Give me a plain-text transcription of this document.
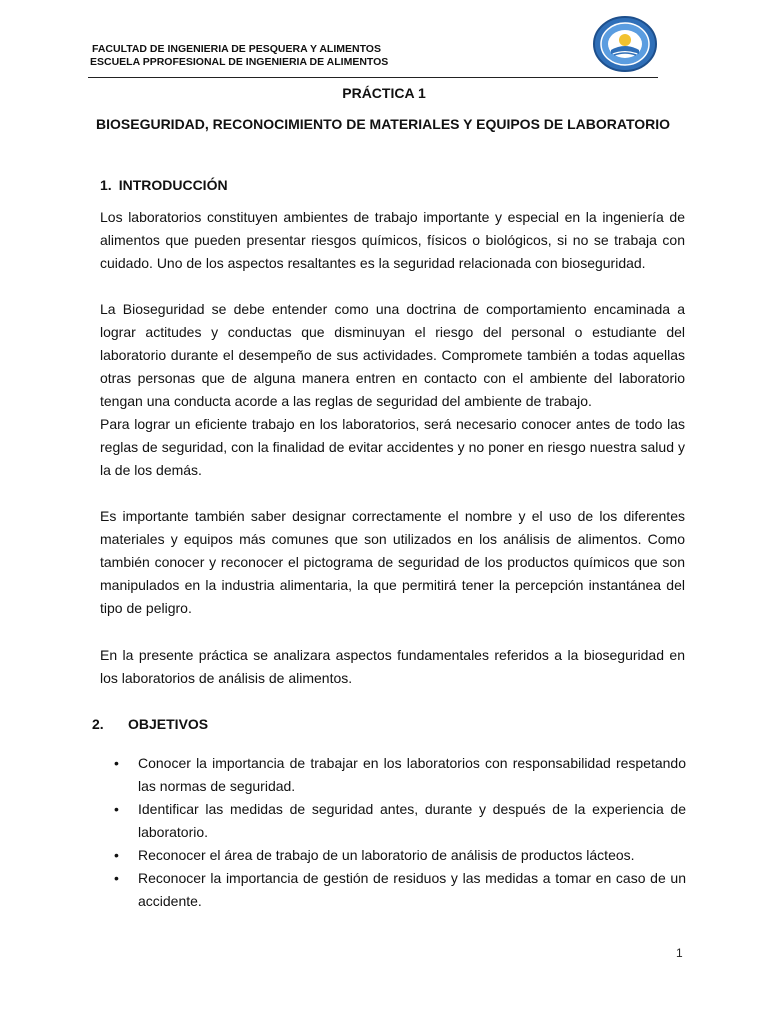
FACULTAD DE INGENIERIA DE PESQUERA Y ALIMENTOS
ESCUELA PPROFESIONAL DE INGENIERIA DE ALIMENTOS
PRÁCTICA 1
BIOSEGURIDAD, RECONOCIMIENTO DE MATERIALES Y EQUIPOS DE LABORATORIO
1. INTRODUCCIÓN

Los laboratorios constituyen ambientes de trabajo importante y especial en la ingeniería de alimentos que pueden presentar riesgos químicos, físicos o biológicos, si no se trabaja con cuidado. Uno de los aspectos resaltantes es la seguridad relacionada con bioseguridad.

La Bioseguridad se debe entender como una doctrina de comportamiento encaminada a lograr actitudes y conductas que disminuyan el riesgo del personal o estudiante del laboratorio durante el desempeño de sus actividades. Compromete también a todas aquellas otras personas que de alguna manera entren en contacto con el ambiente del laboratorio tengan una conducta acorde a las reglas de seguridad del ambiente de trabajo.

Para lograr un eficiente trabajo en los laboratorios, será necesario conocer antes de todo las reglas de seguridad, con la finalidad de evitar accidentes y no poner en riesgo nuestra salud y la de los demás.

Es importante también saber designar correctamente el nombre y el uso de los diferentes materiales y equipos más comunes que son utilizados en los análisis de alimentos. Como también conocer y reconocer el pictograma de seguridad de los productos químicos que son manipulados en la industria alimentaria, la que permitirá tener la percepción instantánea del tipo de peligro.

En la presente práctica se analizara aspectos fundamentales referidos a la bioseguridad en los laboratorios de análisis de alimentos.

2. OBJETIVOS
• Conocer la importancia de trabajar en los laboratorios con responsabilidad respetando las normas de seguridad.
• Identificar las medidas de seguridad antes, durante y después de la experiencia de laboratorio.
• Reconocer el área de trabajo de un laboratorio de análisis de productos lácteos.
• Reconocer la importancia de gestión de residuos y las medidas a tomar en caso de un accidente.
1
